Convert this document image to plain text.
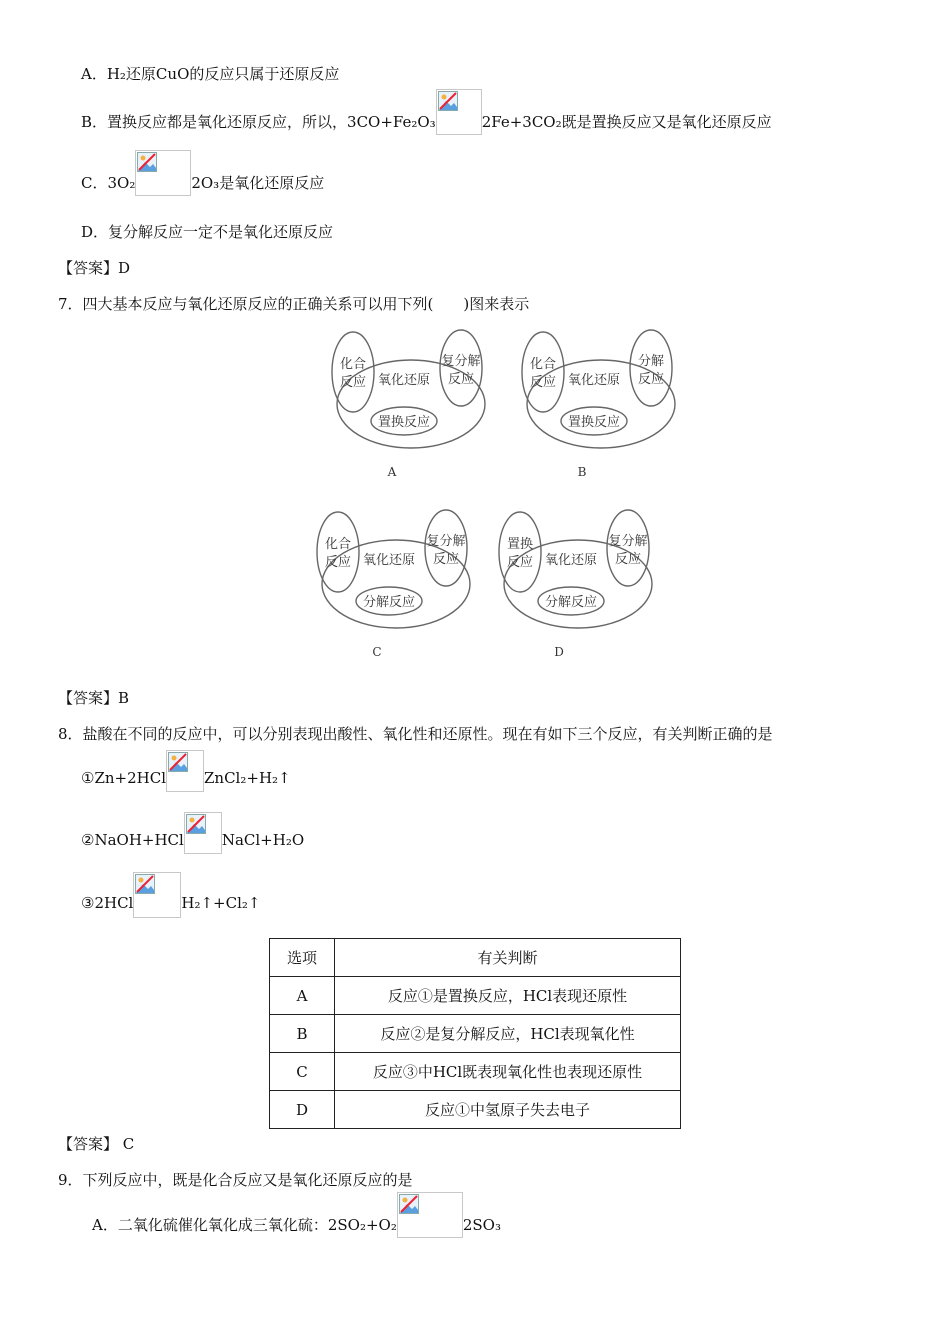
A．H₂还原CuO的反应只属于还原反应
B．置换反应都是氧化还原反应，所以，3CO+Fe₂O₃	2Fe+3CO₂既是置换反应又是氧化还原反应
C．3O₂	2O₃是氧化还原反应
D．复分解反应一定不是氧化还原反应
【答案】D
7．四大基本反应与氧化还原反应的正确关系可以用下列(　　)图来表示
化合
反应
复分解
反应
氧化还原
置换反应
A
化合
反应
分解
反应
氧化还原
置换反应
B
化合
反应
复分解
反应
氧化还原
分解反应
C
置换
反应
复分解
反应
氧化还原
分解反应
D
【答案】B
8．盐酸在不同的反应中，可以分别表现出酸性、氧化性和还原性。现在有如下三个反应，有关判断正确的是
①Zn+2HCl	ZnCl₂+H₂↑
②NaOH+HCl	NaCl+H₂O
③2HCl	H₂↑+Cl₂↑
选项	有关判断
A	反应①是置换反应，HCl表现还原性
B	反应②是复分解反应，HCl表现氧化性
C	反应③中HCl既表现氧化性也表现还原性
D	反应①中氢原子失去电子
【答案】 C
9．下列反应中，既是化合反应又是氧化还原反应的是
A．二氧化硫催化氧化成三氧化硫：2SO₂+O₂	2SO₃
